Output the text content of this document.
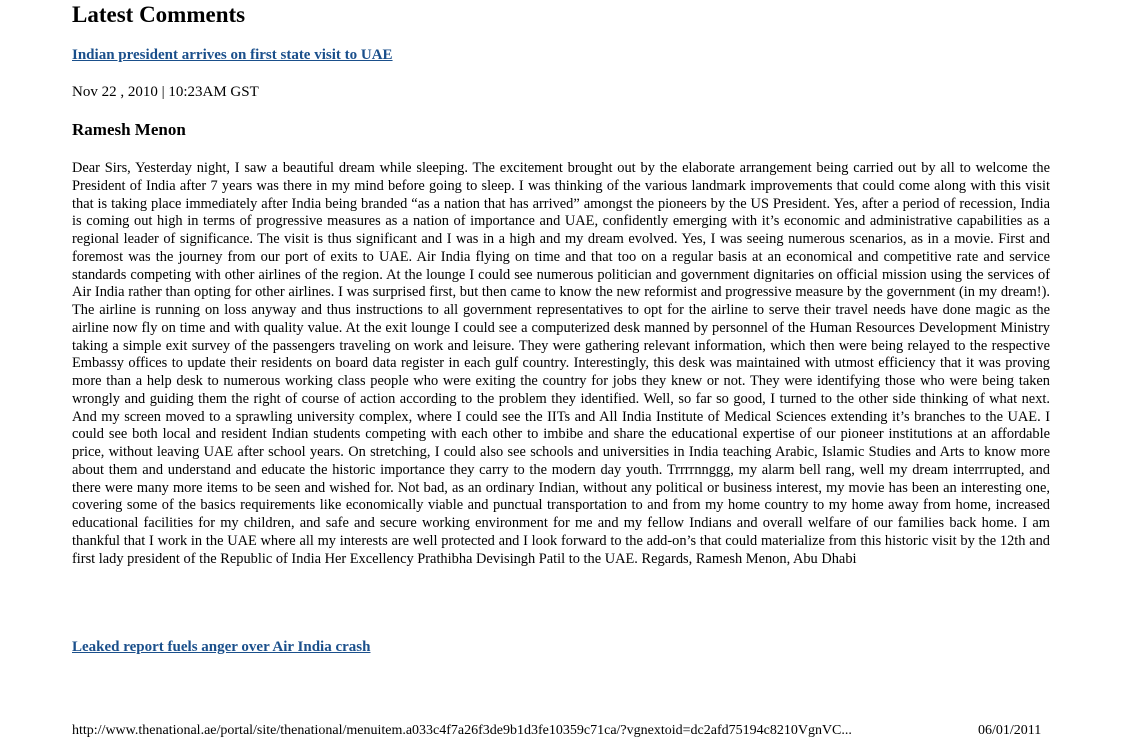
Latest Comments
Indian president arrives on first state visit to UAE
Nov 22 , 2010 | 10:23AM GST
Ramesh Menon

Dear Sirs, Yesterday night, I saw a beautiful dream while sleeping. The excitement brought out by the elaborate arrangement being carried out by all to welcome the President of India after 7 years was there in my mind before going to sleep. I was thinking of the various landmark improvements that could come along with this visit that is taking place immediately after India being branded “as a nation that has arrived” amongst the pioneers by the US President. Yes, after a period of recession, India is coming out high in terms of progressive measures as a nation of importance and UAE, confidently emerging with it’s economic and administrative capabilities as a regional leader of significance. The visit is thus significant and I was in a high and my dream evolved. Yes, I was seeing numerous scenarios, as in a movie. First and foremost was the journey from our port of exits to UAE. Air India flying on time and that too on a regular basis at an economical and competitive rate and service standards competing with other airlines of the region. At the lounge I could see numerous politician and government dignitaries on official mission using the services of Air India rather than opting for other airlines. I was surprised first, but then came to know the new reformist and progressive measure by the government (in my dream!). The airline is running on loss anyway and thus instructions to all government representatives to opt for the airline to serve their travel needs have done magic as the airline now fly on time and with quality value. At the exit lounge I could see a computerized desk manned by personnel of the Human Resources Development Ministry taking a simple exit survey of the passengers traveling on work and leisure. They were gathering relevant information, which then were being relayed to the respective Embassy offices to update their residents on board data register in each gulf country. Interestingly, this desk was maintained with utmost efficiency that it was proving more than a help desk to numerous working class people who were exiting the country for jobs they knew or not. They were identifying those who were being taken wrongly and guiding them the right of course of action according to the problem they identified. Well, so far so good, I turned to the other side thinking of what next. And my screen moved to a sprawling university complex, where I could see the IITs and All India Institute of Medical Sciences extending it’s branches to the UAE. I could see both local and resident Indian students competing with each other to imbibe and share the educational expertise of our pioneer institutions at an affordable price, without leaving UAE after school years. On stretching, I could also see schools and universities in India teaching Arabic, Islamic Studies and Arts to know more about them and understand and educate the historic importance they carry to the modern day youth. Trrrrnnggg, my alarm bell rang, well my dream interrrupted, and there were many more items to be seen and wished for. Not bad, as an ordinary Indian, without any political or business interest, my movie has been an interesting one, covering some of the basics requirements like economically viable and punctual transportation to and from my home country to my home away from home, increased educational facilities for my children, and safe and secure working environment for me and my fellow Indians and overall welfare of our families back home. I am thankful that I work in the UAE where all my interests are well protected and I look forward to the add-on’s that could materialize from this historic visit by the 12th and first lady president of the Republic of India Her Excellency Prathibha Devisingh Patil to the UAE. Regards, Ramesh Menon, Abu Dhabi

Leaked report fuels anger over Air India crash
http://www.thenational.ae/portal/site/thenational/menuitem.a033c4f7a26f3de9b1d3fe10359c71ca/?vgnextoid=dc2afd75194c8210VgnVC...	06/01/2011
